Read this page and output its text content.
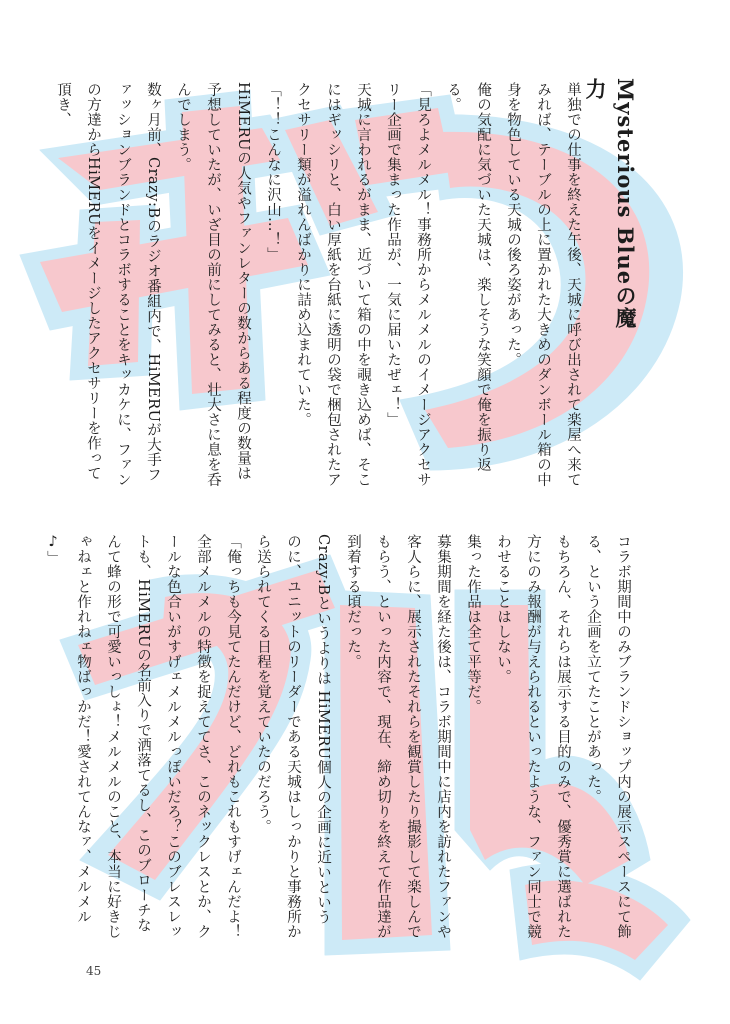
Mysterious Blueの魔力

単独での仕事を終えた午後、天城に呼び出されて楽屋へ来てみれば、テーブルの上に置かれた大きめのダンボール箱の中身を物色している天城の後ろ姿があった。

俺の気配に気づいた天城は、楽しそうな笑顔で俺を振り返る。

「見ろよメルメル！事務所からメルメルのイメージアクセサリー企画で集まった作品が、一気に届いたぜェ！」

天城に言われるがまま、近づいて箱の中を覗き込めば、そこにはギッシリと、白い厚紙を台紙に透明の袋で梱包されたアクセサリー類が溢れんばかりに詰め込まれていた。

「！！こんなに沢山…！」

HiMERUの人気やファンレターの数からある程度の数量は予想していたが、いざ目の前にしてみると、壮大さに息を呑んでしまう。

数ヶ月前、Crazy:Bのラジオ番組内で、HiMERUが大手ファッションブランドとコラボすることをキッカケに、ファンの方達からHiMERUをイメージしたアクセサリーを作って頂き、

コラボ期間中のみブランドショップ内の展示スペースにて飾る、という企画を立てたことがあった。

もちろん、それらは展示する目的のみで、優秀賞に選ばれた方にのみ報酬が与えられるといったような、ファン同士で競わせることはしない。

集った作品は全て平等だ。

募集期間を経た後は、コラボ期間中に店内を訪れたファンや客人らに、展示されたそれらを観賞したり撮影して楽しんでもらう、といった内容で、現在、締め切りを終えて作品達が到着する頃だった。

Crazy:Bというよりは HiMERU個人の企画に近いというのに、ユニットのリーダーである天城はしっかりと事務所から送られてくる日程を覚えていたのだろう。

「俺っちも今見てたんだけど、どれもこれもすげェんだよ！全部メルメルの特徴を捉えててさ、このネックレスとか、クールな色合いがすげェメルメルっぽいだろ？このブレスレットも、HiMERUの名前入りで洒落てるし、このブローチなんて蜂の形で可愛いっしょ！メルメルのこと、本当に好きじゃねェと作れねェ物ばっかだ！愛されてんなァ、メルメル♪」

45
